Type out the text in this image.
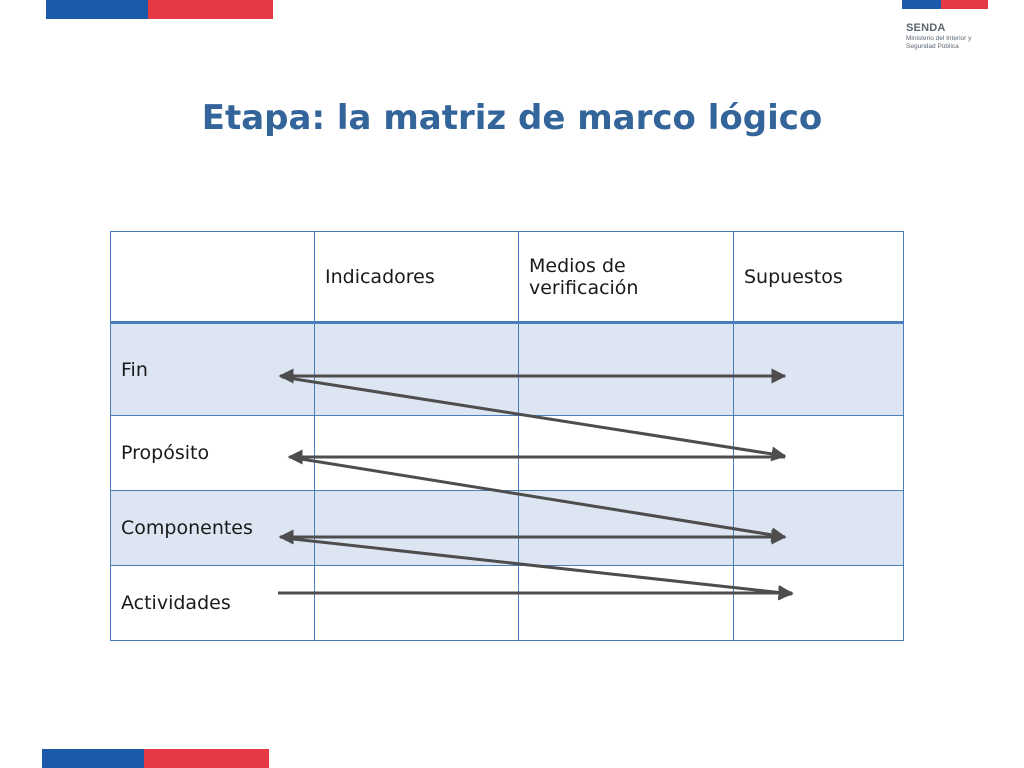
SENDA
Ministerio del Interior y
Seguridad Pública
Etapa: la matriz de marco lógico
	Indicadores	Medios de verificación	Supuestos
Fin			
Propósito			
Componentes			
Actividades			
